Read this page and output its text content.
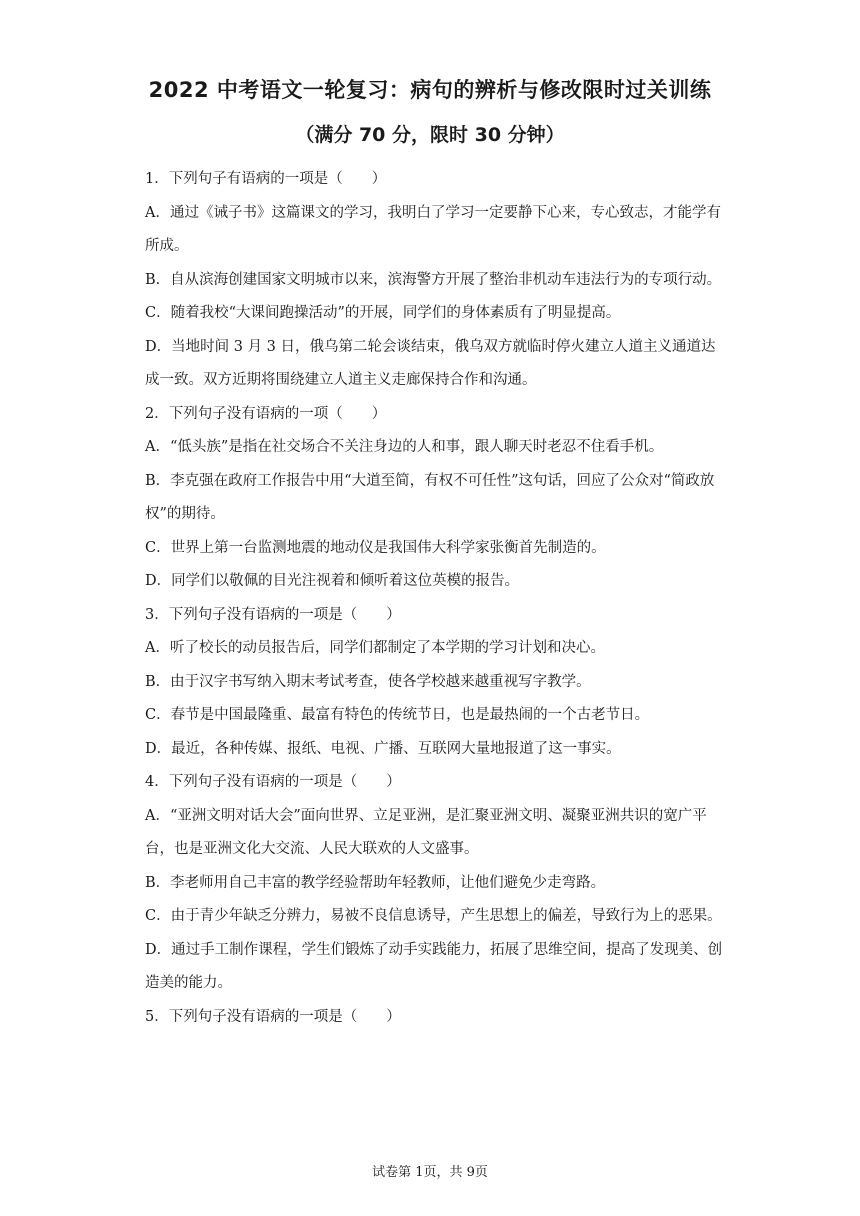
2022 中考语文一轮复习：病句的辨析与修改限时过关训练
（满分 70 分，限时 30 分钟）

1．下列句子有语病的一项是（　　）

A．通过《诫子书》这篇课文的学习，我明白了学习一定要静下心来，专心致志，才能学有所成。

B．自从滨海创建国家文明城市以来，滨海警方开展了整治非机动车违法行为的专项行动。

C．随着我校“大课间跑操活动”的开展，同学们的身体素质有了明显提高。

D．当地时间 3 月 3 日，俄乌第二轮会谈结束，俄乌双方就临时停火建立人道主义通道达成一致。双方近期将围绕建立人道主义走廊保持合作和沟通。

2．下列句子没有语病的一项（　　）

A．“低头族”是指在社交场合不关注身边的人和事，跟人聊天时老忍不住看手机。

B．李克强在政府工作报告中用“大道至简，有权不可任性”这句话，回应了公众对“简政放权”的期待。

C．世界上第一台监测地震的地动仪是我国伟大科学家张衡首先制造的。

D．同学们以敬佩的目光注视着和倾听着这位英模的报告。

3．下列句子没有语病的一项是（　　）

A．听了校长的动员报告后，同学们都制定了本学期的学习计划和决心。

B．由于汉字书写纳入期末考试考查，使各学校越来越重视写字教学。

C．春节是中国最隆重、最富有特色的传统节日，也是最热闹的一个古老节日。

D．最近，各种传媒、报纸、电视、广播、互联网大量地报道了这一事实。

4．下列句子没有语病的一项是（　　）

A．“亚洲文明对话大会”面向世界、立足亚洲，是汇聚亚洲文明、凝聚亚洲共识的宽广平台，也是亚洲文化大交流、人民大联欢的人文盛事。

B．李老师用自己丰富的教学经验帮助年轻教师，让他们避免少走弯路。

C．由于青少年缺乏分辨力，易被不良信息诱导，产生思想上的偏差，导致行为上的恶果。

D．通过手工制作课程，学生们锻炼了动手实践能力，拓展了思维空间，提高了发现美、创造美的能力。

5．下列句子没有语病的一项是（　　）

试卷第 1页，共 9页
